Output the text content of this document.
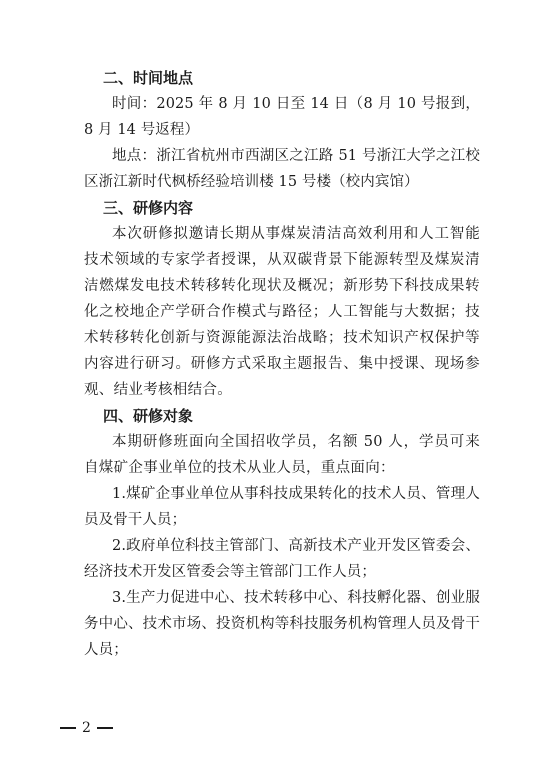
二、时间地点

时间：2025 年 8 月 10 日至 14 日（8 月 10 号报到，8 月 14 号返程）

地点：浙江省杭州市西湖区之江路 51 号浙江大学之江校区浙江新时代枫桥经验培训楼 15 号楼（校内宾馆）

三、研修内容

本次研修拟邀请长期从事煤炭清洁高效利用和人工智能技术领域的专家学者授课，从双碳背景下能源转型及煤炭清洁燃煤发电技术转移转化现状及概况；新形势下科技成果转化之校地企产学研合作模式与路径；人工智能与大数据；技术转移转化创新与资源能源法治战略；技术知识产权保护等内容进行研习。研修方式采取主题报告、集中授课、现场参观、结业考核相结合。

四、研修对象

本期研修班面向全国招收学员，名额 50 人，学员可来自煤矿企事业单位的技术从业人员，重点面向：

1.煤矿企事业单位从事科技成果转化的技术人员、管理人员及骨干人员；

2.政府单位科技主管部门、高新技术产业开发区管委会、经济技术开发区管委会等主管部门工作人员；

3.生产力促进中心、技术转移中心、科技孵化器、创业服务中心、技术市场、投资机构等科技服务机构管理人员及骨干人员；

2
